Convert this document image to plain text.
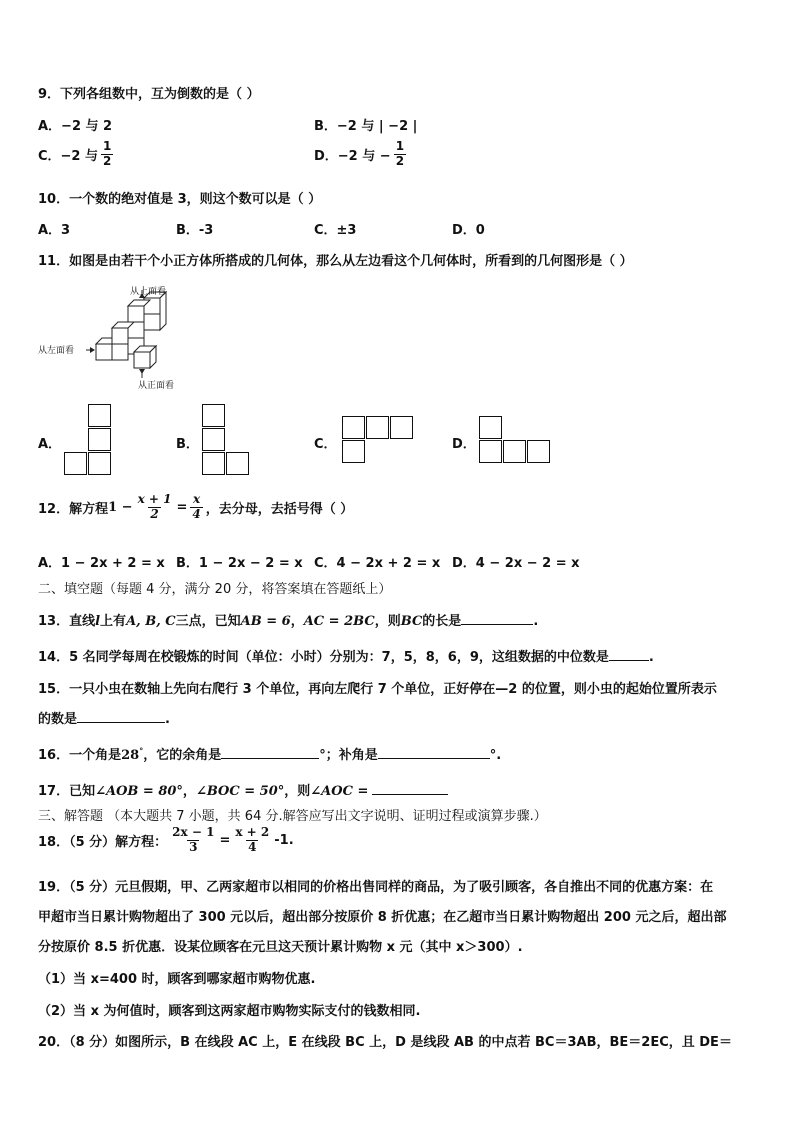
9．下列各组数中，互为倒数的是（ ）
A．−2 与 2	B．−2 与 | −2 |
C．−2 与 $\frac{1}{2}$	D．−2 与 − $\frac{1}{2}$
10．一个数的绝对值是 3，则这个数可以是（ ）
A．3	B．-3	C．±3	D．0
11．如图是由若干个小正方体所搭成的几何体，那么从左边看这个几何体时，所看到的几何图形是（ ）
从上面看
从左面看
从正面看
A．	B．	C．	D．
12．解方程 $1 - \frac{x + 1}{2} = \frac{x}{4}$ ，去分母，去括号得（ ）
A．1 − 2x + 2 = x B．1 − 2x − 2 = x C．4 − 2x + 2 = x D．4 − 2x − 2 = x
二、填空题（每题 4 分，满分 20 分，将答案填在答题纸上）
13．直线l上有A, B, C三点，已知AB = 6，AC = 2BC，则BC的长是	.
14．5 名同学每周在校锻炼的时间（单位：小时）分别为：7，5，8，6，9，这组数据的中位数是	.
15．一只小虫在数轴上先向右爬行 3 个单位，再向左爬行 7 个单位，正好停在—2 的位置，则小虫的起始位置所表示
的数是	.
16．一个角是28°，它的余角是	°；补角是	°.
17．已知∠AOB = 80°，∠BOC = 50°，则∠AOC =
三、解答题 （本大题共 7 小题，共 64 分.解答应写出文字说明、证明过程或演算步骤.）
18．（5 分）解方程： $\frac{2x - 1}{3} = \frac{x + 2}{4} -1$.
19．（5 分）元旦假期，甲、乙两家超市以相同的价格出售同样的商品，为了吸引顾客，各自推出不同的优惠方案：在
甲超市当日累计购物超出了 300 元以后，超出部分按原价 8 折优惠；在乙超市当日累计购物超出 200 元之后，超出部
分按原价 8.5 折优惠．设某位顾客在元旦这天预计累计购物 x 元（其中 x＞300）.
（1）当 x=400 时，顾客到哪家超市购物优惠.
（2）当 x 为何值时，顾客到这两家超市购物实际支付的钱数相同.
20．（8 分）如图所示，B 在线段 AC 上，E 在线段 BC 上，D 是线段 AB 的中点若 BC＝3AB，BE＝2EC，且 DE＝
